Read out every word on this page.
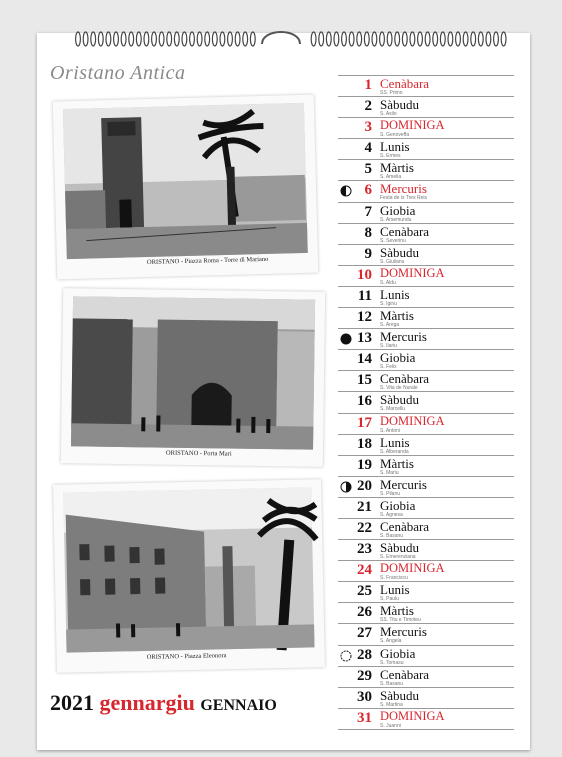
Oristano Antica
ORISTANO - Piazza Roma - Torre di Mariano
ORISTANO - Porta Mari
ORISTANO - Piazza Eleonora
2021 gennargiu GENNAIO
1 Cenàbara
SS. Primo
2 Sàbudu
S. Asilo
3 DOMINIGA
S. Genoveffa
4 Lunis
S. Ermes
5 Màrtis
S. Amelia
6 Mercuris
Festa de is Tres Reis
7 Giobia
S. Arsemundu
8 Cenàbara
S. Severinu
9 Sàbudu
S. Giulianu
10 DOMINIGA
S. Aldu
11 Lunis
S. Iginu
12 Màrtis
S. Arega
13 Mercuris
S. Ilariu
14 Giobia
S. Felix
15 Cenàbara
S. Vita de Nurale
16 Sàbudu
S. Marcellu
17 DOMINIGA
S. Antoni
18 Lunis
S. Alberanda
19 Màrtis
S. Mariu
20 Mercuris
S. Pilanu
21 Giobia
S. Agnesa
22 Cenàbara
S. Basanu
23 Sàbudu
S. Emerenziana
24 DOMINIGA
S. Franciscu
25 Lunis
S. Paulu
26 Màrtis
SS. Titu e Timoteu
27 Mercuris
S. Angela
28 Giobia
S. Tomasu
29 Cenàbara
S. Basanu
30 Sàbudu
S. Martina
31 DOMINIGA
S. Juanni
